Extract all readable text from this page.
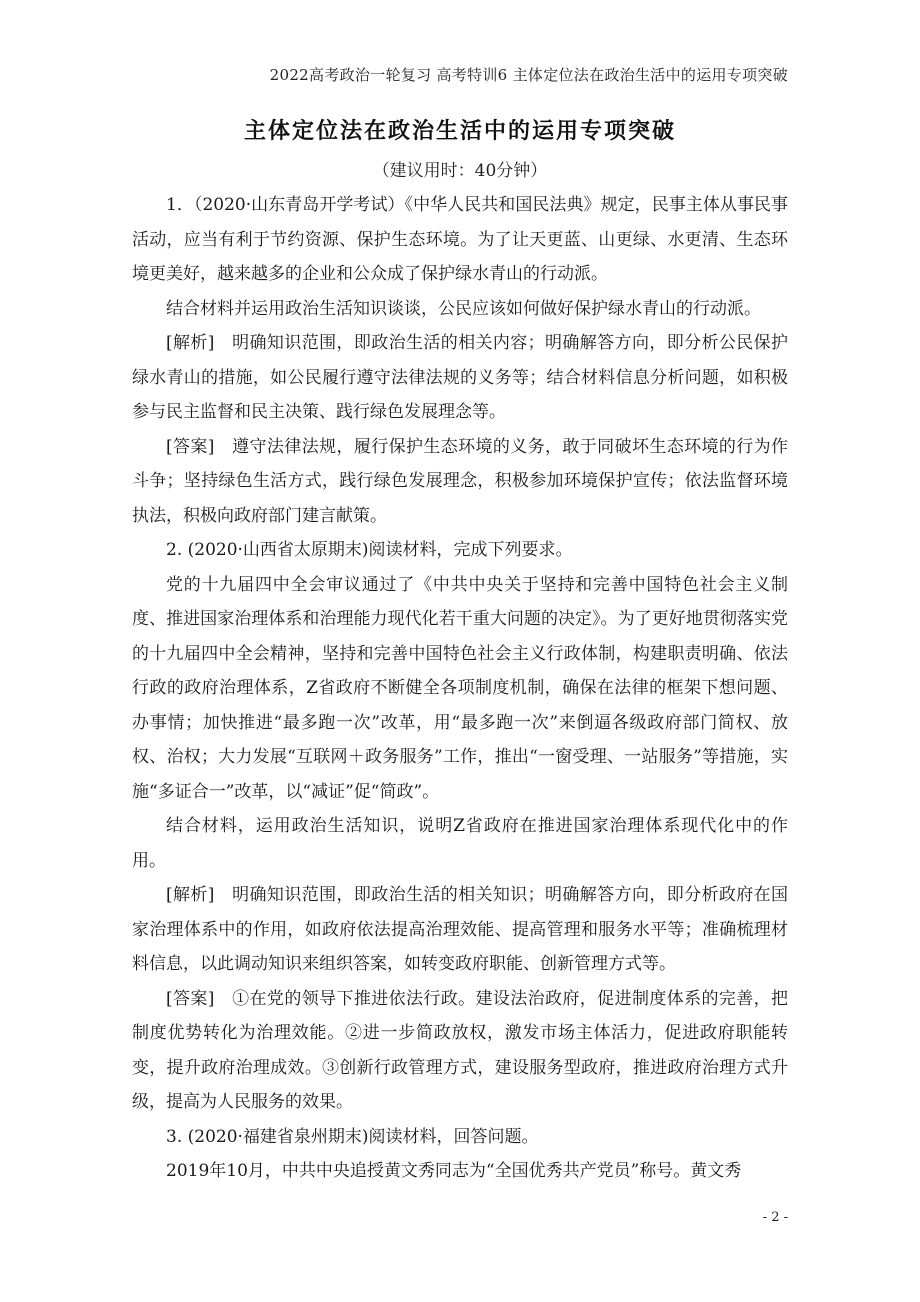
2022高考政治一轮复习 高考特训6 主体定位法在政治生活中的运用专项突破
主体定位法在政治生活中的运用专项突破
（建议用时：40分钟）

1．（2020·山东青岛开学考试）《中华人民共和国民法典》规定，民事主体从事民事活动，应当有利于节约资源、保护生态环境。为了让天更蓝、山更绿、水更清、生态环境更美好，越来越多的企业和公众成了保护绿水青山的行动派。

结合材料并运用政治生活知识谈谈，公民应该如何做好保护绿水青山的行动派。

[解析]　明确知识范围，即政治生活的相关内容；明确解答方向，即分析公民保护绿水青山的措施，如公民履行遵守法律法规的义务等；结合材料信息分析问题，如积极参与民主监督和民主决策、践行绿色发展理念等。

[答案]　遵守法律法规，履行保护生态环境的义务，敢于同破坏生态环境的行为作斗争；坚持绿色生活方式，践行绿色发展理念，积极参加环境保护宣传；依法监督环境执法，积极向政府部门建言献策。

2. (2020·山西省太原期末)阅读材料，完成下列要求。

党的十九届四中全会审议通过了《中共中央关于坚持和完善中国特色社会主义制度、推进国家治理体系和治理能力现代化若干重大问题的决定》。为了更好地贯彻落实党的十九届四中全会精神，坚持和完善中国特色社会主义行政体制，构建职责明确、依法行政的政府治理体系，Z省政府不断健全各项制度机制，确保在法律的框架下想问题、办事情；加快推进“最多跑一次”改革，用“最多跑一次”来倒逼各级政府部门简权、放权、治权；大力发展“互联网＋政务服务”工作，推出“一窗受理、一站服务”等措施，实施“多证合一”改革，以“减证”促“简政”。

结合材料，运用政治生活知识，说明Z省政府在推进国家治理体系现代化中的作用。

[解析]　明确知识范围，即政治生活的相关知识；明确解答方向，即分析政府在国家治理体系中的作用，如政府依法提高治理效能、提高管理和服务水平等；准确梳理材料信息，以此调动知识来组织答案，如转变政府职能、创新管理方式等。

[答案]　①在党的领导下推进依法行政。建设法治政府，促进制度体系的完善，把制度优势转化为治理效能。②进一步简政放权，激发市场主体活力，促进政府职能转变，提升政府治理成效。③创新行政管理方式，建设服务型政府，推进政府治理方式升级，提高为人民服务的效果。

3. (2020·福建省泉州期末)阅读材料，回答问题。

2019年10月，中共中央追授黄文秀同志为“全国优秀共产党员”称号。黄文秀

- 2 -
